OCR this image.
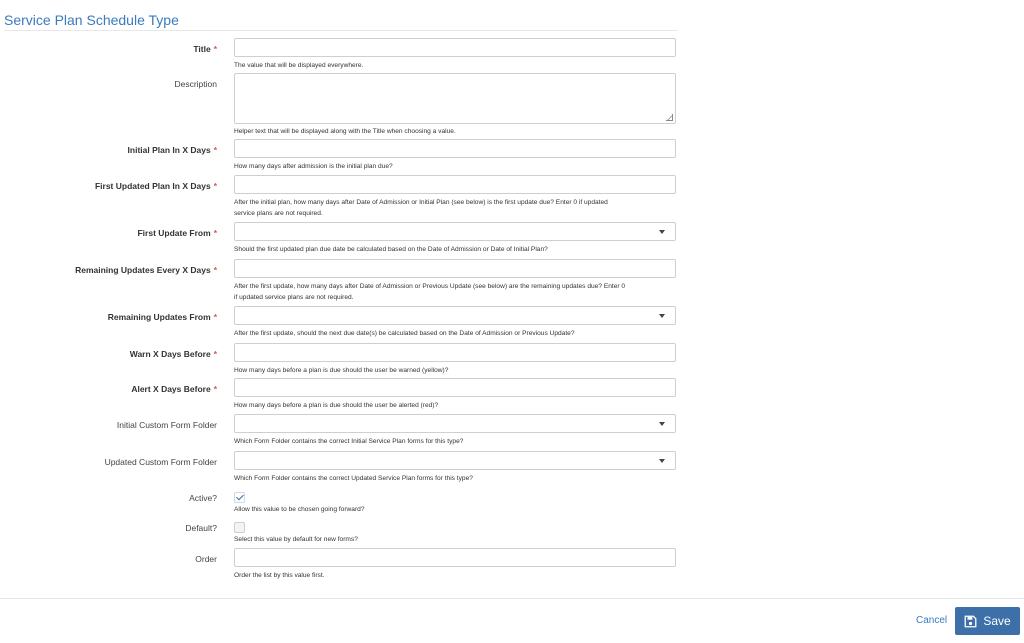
Service Plan Schedule Type
Title *
The value that will be displayed everywhere.
Description
Helper text that will be displayed along with the Title when choosing a value.
Initial Plan In X Days *
How many days after admission is the initial plan due?
First Updated Plan In X Days *
After the initial plan, how many days after Date of Admission or Initial Plan (see below) is the first update due? Enter 0 if updated
service plans are not required.
First Update From *
Should the first updated plan due date be calculated based on the Date of Admission or Date of Initial Plan?
Remaining Updates Every X Days *
After the first update, how many days after Date of Admission or Previous Update (see below) are the remaining updates due? Enter 0
if updated service plans are not required.
Remaining Updates From *
After the first update, should the next due date(s) be calculated based on the Date of Admission or Previous Update?
Warn X Days Before *
How many days before a plan is due should the user be warned (yellow)?
Alert X Days Before *
How many days before a plan is due should the user be alerted (red)?
Initial Custom Form Folder
Which Form Folder contains the correct Initial Service Plan forms for this type?
Updated Custom Form Folder
Which Form Folder contains the correct Updated Service Plan forms for this type?
Active?
Allow this value to be chosen going forward?
Default?
Select this value by default for new forms?
Order
Order the list by this value first.
Cancel	Save
